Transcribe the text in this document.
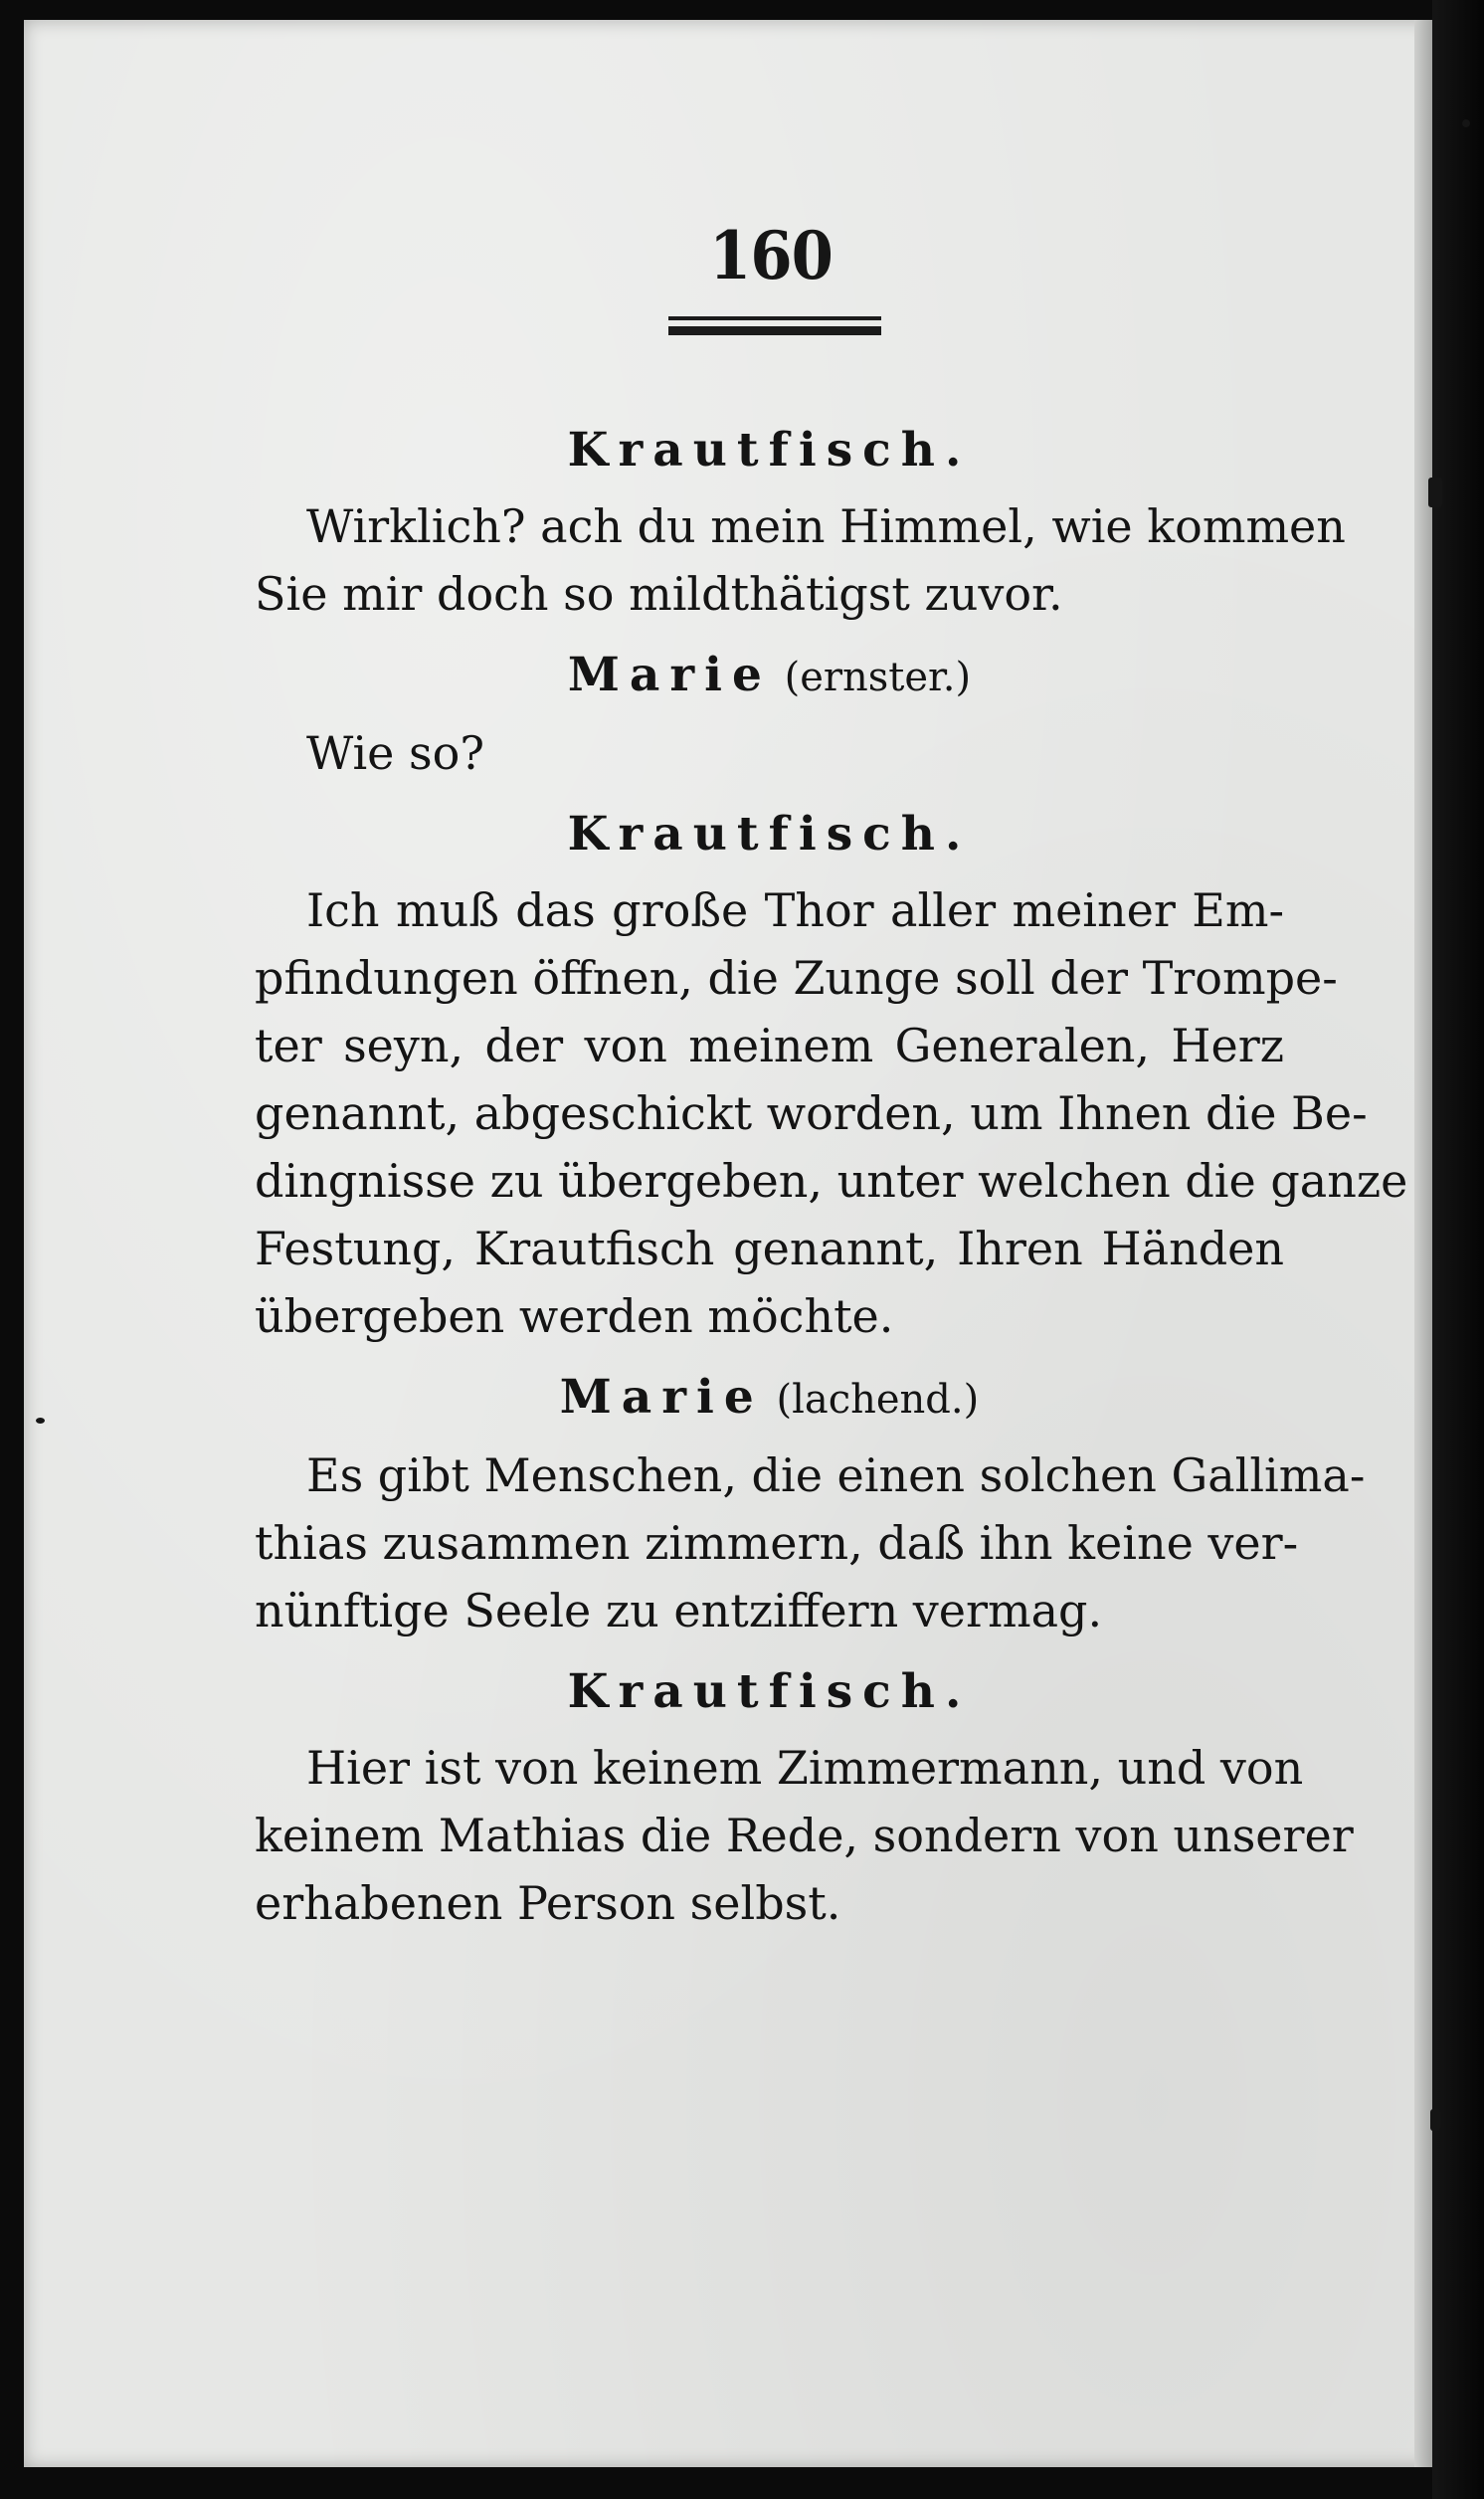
160
Krautfisch.
Wirklich? ach du mein Himmel, wie kommen
Sie mir doch so mildthätigst zuvor.
Marie (ernster.)
Wie so?
Krautfisch.
Ich muß das große Thor aller meiner Em-
pfindungen öffnen, die Zunge soll der Trompe-
ter seyn, der von meinem Generalen, Herz
genannt, abgeschickt worden, um Ihnen die Be-
dingnisse zu übergeben, unter welchen die ganze
Festung, Krautfisch genannt, Ihren Händen
übergeben werden möchte.
Marie (lachend.)
Es gibt Menschen, die einen solchen Gallima-
thias zusammen zimmern, daß ihn keine ver-
nünftige Seele zu entziffern vermag.
Krautfisch.
Hier ist von keinem Zimmermann, und von
keinem Mathias die Rede, sondern von unserer
erhabenen Person selbst.
